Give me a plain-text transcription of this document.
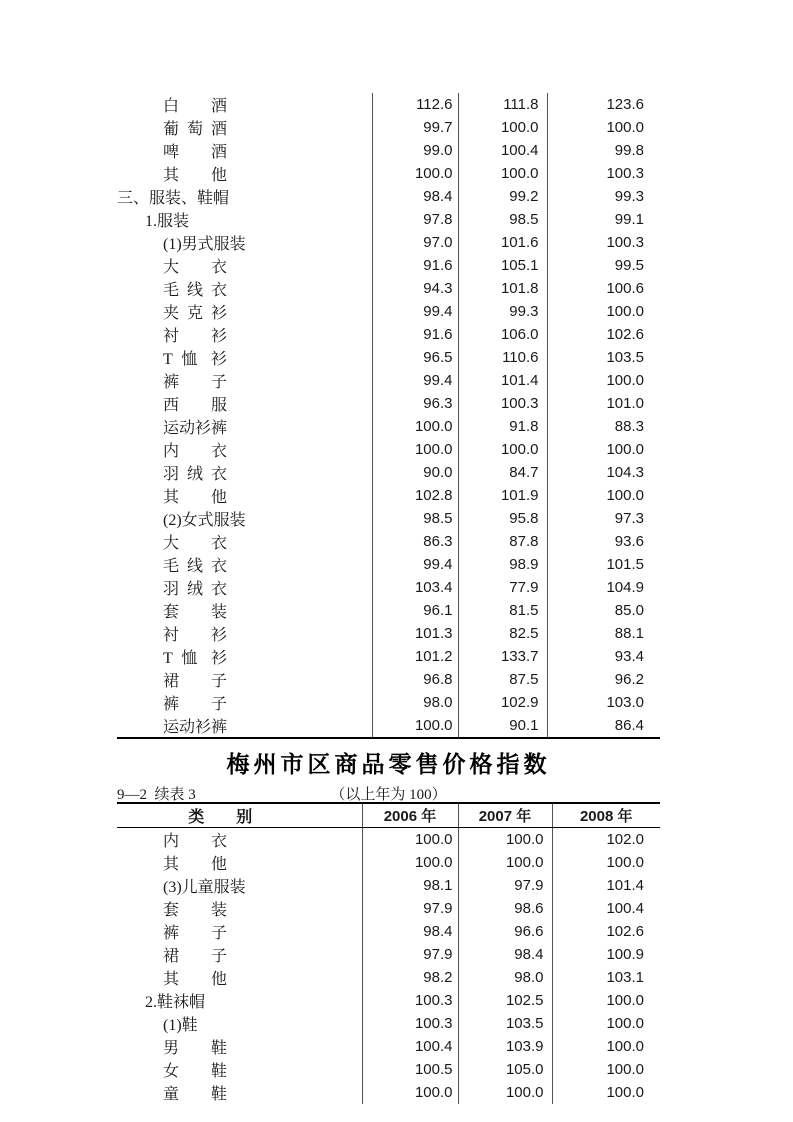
白 酒	112.6	111.8	123.6
葡 萄 酒	99.7	100.0	100.0
啤 酒	99.0	100.4	99.8
其 他	100.0	100.0	100.3
三、服装、鞋帽	98.4	99.2	99.3
1.服装	97.8	98.5	99.1
(1)男式服装	97.0	101.6	100.3
大 衣	91.6	105.1	99.5
毛 线 衣	94.3	101.8	100.6
夹 克 衫	99.4	99.3	100.0
衬 衫	91.6	106.0	102.6
T 恤 衫	96.5	110.6	103.5
裤 子	99.4	101.4	100.0
西 服	96.3	100.3	101.0
运动衫裤	100.0	91.8	88.3
内 衣	100.0	100.0	100.0
羽 绒 衣	90.0	84.7	104.3
其 他	102.8	101.9	100.0
(2)女式服装	98.5	95.8	97.3
大 衣	86.3	87.8	93.6
毛 线 衣	99.4	98.9	101.5
羽 绒 衣	103.4	77.9	104.9
套 装	96.1	81.5	85.0
衬 衫	101.3	82.5	88.1
T 恤 衫	101.2	133.7	93.4
裙 子	96.8	87.5	96.2
裤 子	98.0	102.9	103.0
运动衫裤	100.0	90.1	86.4
梅州市区商品零售价格指数
9—2  续表 3	（以上年为 100）
类　　别	2006 年	2007 年	2008 年
内 衣	100.0	100.0	102.0
其 他	100.0	100.0	100.0
(3)儿童服装	98.1	97.9	101.4
套 装	97.9	98.6	100.4
裤 子	98.4	96.6	102.6
裙 子	97.9	98.4	100.9
其 他	98.2	98.0	103.1
2.鞋袜帽	100.3	102.5	100.0
(1)鞋	100.3	103.5	100.0
男 鞋	100.4	103.9	100.0
女 鞋	100.5	105.0	100.0
童 鞋	100.0	100.0	100.0
